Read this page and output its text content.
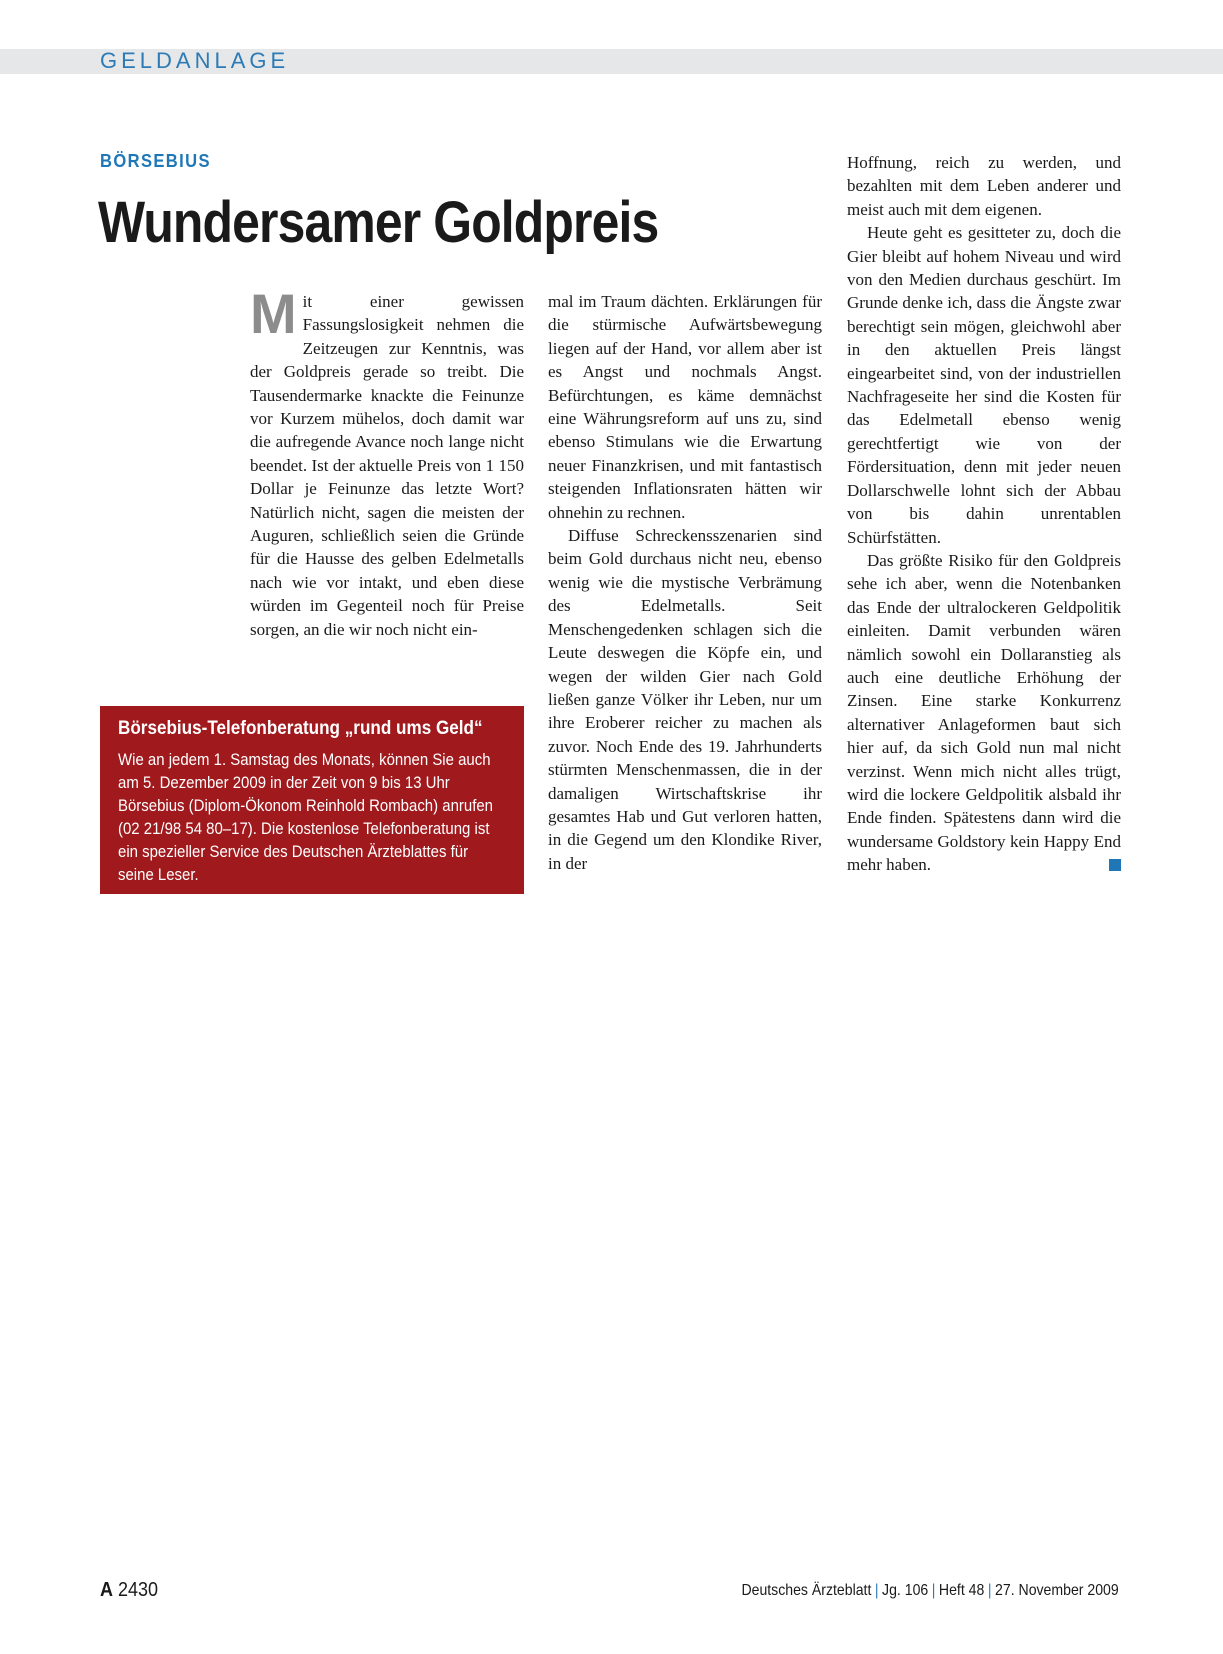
GELDANLAGE
BÖRSEBIUS
Wundersamer Goldpreis

Mit einer gewissen Fassungslosigkeit nehmen die Zeitzeugen zur Kenntnis, was der Goldpreis gerade so treibt. Die Tausendermarke knackte die Feinunze vor Kurzem mühelos, doch damit war die aufregende Avance noch lange nicht beendet. Ist der aktuelle Preis von 1 150 Dollar je Feinunze das letzte Wort? Natürlich nicht, sagen die meisten der Auguren, schließlich seien die Gründe für die Hausse des gelben Edelmetalls nach wie vor intakt, und eben diese würden im Gegenteil noch für Preise sorgen, an die wir noch nicht ein-

mal im Traum dächten. Erklärungen für die stürmische Aufwärtsbewegung liegen auf der Hand, vor allem aber ist es Angst und nochmals Angst. Befürchtungen, es käme demnächst eine Währungsreform auf uns zu, sind ebenso Stimulans wie die Erwartung neuer Finanzkrisen, und mit fantastisch steigenden Inflationsraten hätten wir ohnehin zu rechnen.

Diffuse Schreckensszenarien sind beim Gold durchaus nicht neu, ebenso wenig wie die mystische Verbrämung des Edelmetalls. Seit Menschengedenken schlagen sich die Leute deswegen die Köpfe ein, und wegen der wilden Gier nach Gold ließen ganze Völker ihr Leben, nur um ihre Eroberer reicher zu machen als zuvor. Noch Ende des 19. Jahrhunderts stürmten Menschenmassen, die in der damaligen Wirtschaftskrise ihr gesamtes Hab und Gut verloren hatten, in die Gegend um den Klondike River, in der

Hoffnung, reich zu werden, und bezahlten mit dem Leben anderer und meist auch mit dem eigenen.

Heute geht es gesitteter zu, doch die Gier bleibt auf hohem Niveau und wird von den Medien durchaus geschürt. Im Grunde denke ich, dass die Ängste zwar berechtigt sein mögen, gleichwohl aber in den aktuellen Preis längst eingearbeitet sind, von der industriellen Nachfrageseite her sind die Kosten für das Edelmetall ebenso wenig gerechtfertigt wie von der Fördersituation, denn mit jeder neuen Dollarschwelle lohnt sich der Abbau von bis dahin unrentablen Schürfstätten.

Das größte Risiko für den Goldpreis sehe ich aber, wenn die Notenbanken das Ende der ultralockeren Geldpolitik einleiten. Damit verbunden wären nämlich sowohl ein Dollaranstieg als auch eine deutliche Erhöhung der Zinsen. Eine starke Konkurrenz alternativer Anlageformen baut sich hier auf, da sich Gold nun mal nicht verzinst. Wenn mich nicht alles trügt, wird die lockere Geldpolitik alsbald ihr Ende finden. Spätestens dann wird die wundersame Goldstory kein Happy End mehr haben.

Börsebius-Telefonberatung „rund ums Geld“
Wie an jedem 1. Samstag des Monats, können Sie auch am 5. Dezember 2009 in der Zeit von 9 bis 13 Uhr Börsebius (Diplom-Ökonom Reinhold Rombach) anrufen (02 21/98 54 80–17). Die kostenlose Telefonberatung ist ein spezieller Service des Deutschen Ärzteblattes für seine Leser.
A 2430	Deutsches Ärzteblatt | Jg. 106 | Heft 48 | 27. November 2009
